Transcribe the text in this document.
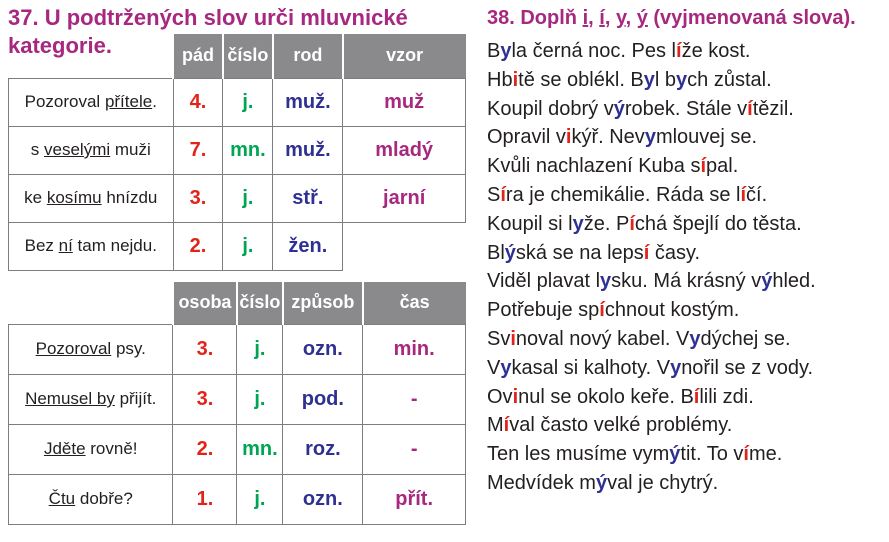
37. U podtržených slov urči mluvnické
kategorie.
		pád	číslo	rod	vzor
Pozoroval přítele.	4.	j.	muž.	muž
s veselými muži	7.	mn.	muž.	mladý
ke kosímu hnízdu	3.	j.	stř.	jarní
Bez ní tam nejdu.	2.	j.	žen.	
	osoba	číslo	způsob	čas
Pozoroval psy.	3.	j.	ozn.	min.
Nemusel by přijít.	3.	j.	pod.	-
Jděte rovně!	2.	mn.	roz.	-
Čtu dobře?	1.	j.	ozn.	přít.
38. Doplň i, í, y, ý (vyjmenovaná slova).
Byla černá noc. Pes líže kost.
Hbitě se oblékl. Byl bych zůstal.
Koupil dobrý výrobek. Stále vítězil.
Opravil vikýř. Nevymlouvej se.
Kvůli nachlazení Kuba sípal.
Síra je chemikálie. Ráda se líčí.
Koupil si lyže. Píchá špejlí do těsta.
Blýská se na lepsí časy.
Viděl plavat lysku. Má krásný výhled.
Potřebuje spíchnout kostým.
Svinoval nový kabel. Vydýchej se.
Vykasal si kalhoty. Vynořil se z vody.
Ovinul se okolo keře. Bílili zdi.
Míval často velké problémy.
Ten les musíme vymýtit. To víme.
Medvídek mýval je chytrý.
